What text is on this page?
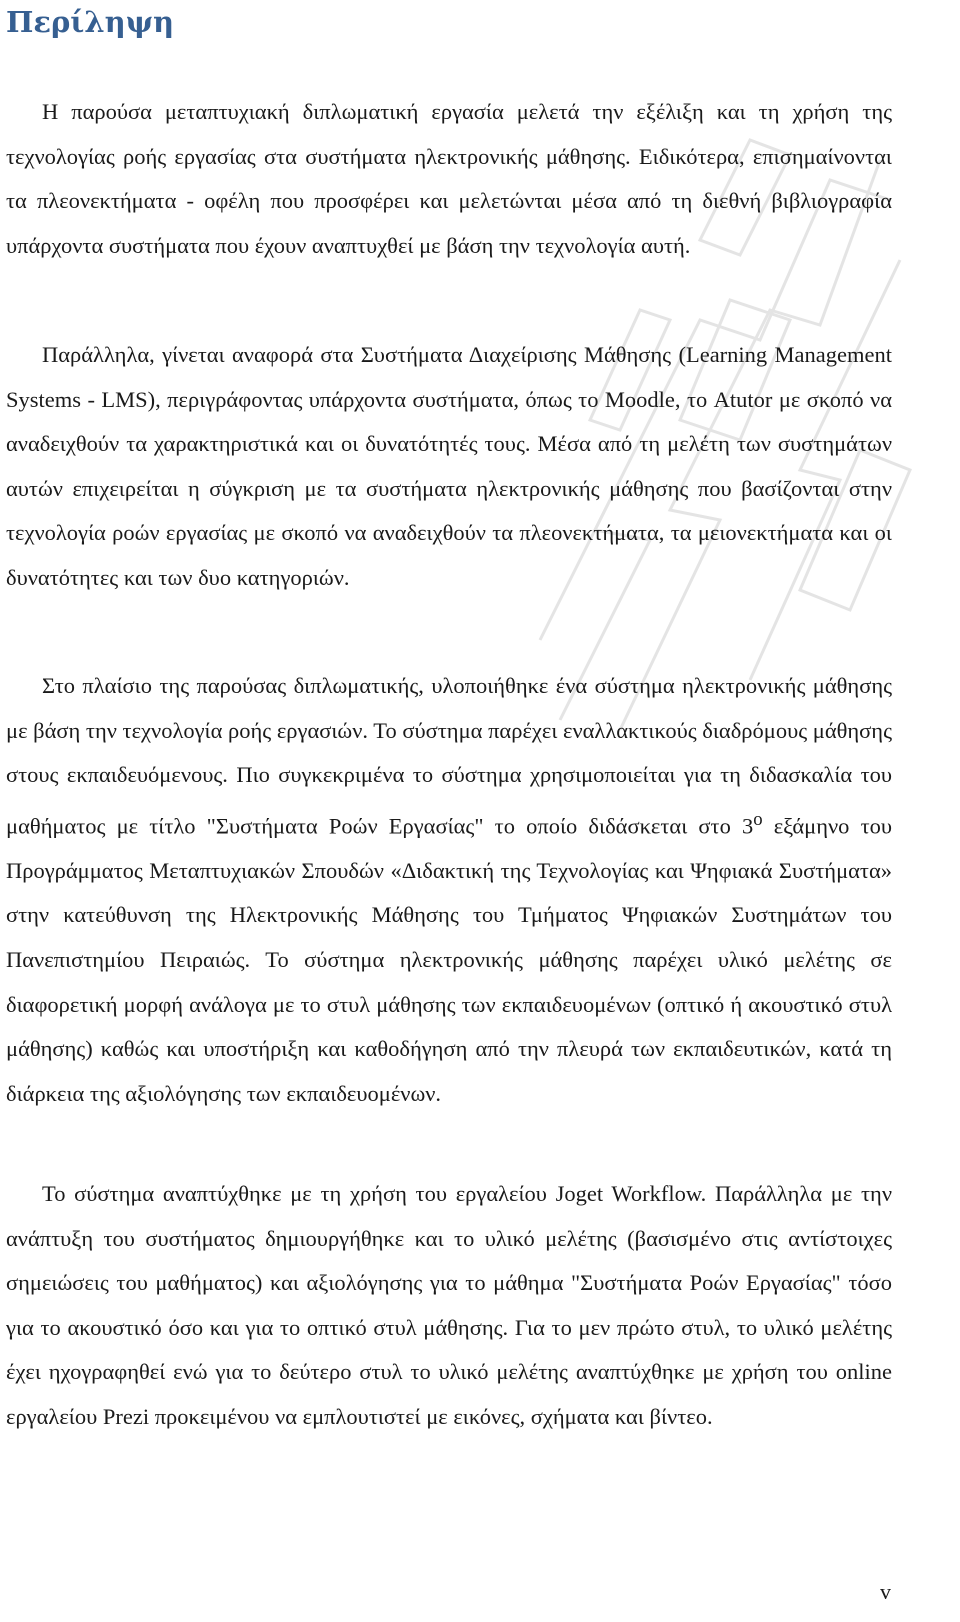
Περίληψη

Η παρούσα μεταπτυχιακή διπλωματική εργασία μελετά την εξέλιξη και τη χρήση της τεχνολογίας ροής εργασίας στα συστήματα ηλεκτρονικής μάθησης. Ειδικότερα, επισημαίνονται τα πλεονεκτήματα - οφέλη που προσφέρει και μελετώνται μέσα από τη διεθνή βιβλιογραφία υπάρχοντα συστήματα που έχουν αναπτυχθεί με βάση την τεχνολογία αυτή.

Παράλληλα, γίνεται αναφορά στα Συστήματα Διαχείρισης Μάθησης (Learning Management Systems - LMS), περιγράφοντας υπάρχοντα συστήματα, όπως το Moodle, το Atutor με σκοπό να αναδειχθούν τα χαρακτηριστικά και οι δυνατότητές τους. Μέσα από τη μελέτη των συστημάτων αυτών επιχειρείται η σύγκριση με τα συστήματα ηλεκτρονικής μάθησης που βασίζονται στην τεχνολογία ροών εργασίας με σκοπό να αναδειχθούν τα πλεονεκτήματα, τα μειονεκτήματα και οι δυνατότητες και των δυο κατηγοριών.

Στο πλαίσιο της παρούσας διπλωματικής, υλοποιήθηκε ένα σύστημα ηλεκτρονικής μάθησης με βάση την τεχνολογία ροής εργασιών. Το σύστημα παρέχει εναλλακτικούς διαδρόμους μάθησης στους εκπαιδευόμενους. Πιο συγκεκριμένα το σύστημα χρησιμοποιείται για τη διδασκαλία του μαθήματος με τίτλο "Συστήματα Ροών Εργασίας" το οποίο διδάσκεται στο $3^o$ εξάμηνο του Προγράμματος Μεταπτυχιακών Σπουδών «Διδακτική της Τεχνολογίας και Ψηφιακά Συστήματα» στην κατεύθυνση της Ηλεκτρονικής Μάθησης του Τμήματος Ψηφιακών Συστημάτων του Πανεπιστημίου Πειραιώς. Το σύστημα ηλεκτρονικής μάθησης παρέχει υλικό μελέτης σε διαφορετική μορφή ανάλογα με το στυλ μάθησης των εκπαιδευομένων (οπτικό ή ακουστικό στυλ μάθησης) καθώς και υποστήριξη και καθοδήγηση από την πλευρά των εκπαιδευτικών, κατά τη διάρκεια της αξιολόγησης των εκπαιδευομένων.

Το σύστημα αναπτύχθηκε με τη χρήση του εργαλείου Joget Workflow. Παράλληλα με την ανάπτυξη του συστήματος δημιουργήθηκε και το υλικό μελέτης (βασισμένο στις αντίστοιχες σημειώσεις του μαθήματος) και αξιολόγησης για το μάθημα "Συστήματα Ροών Εργασίας" τόσο για το ακουστικό όσο και για το οπτικό στυλ μάθησης. Για το μεν πρώτο στυλ, το υλικό μελέτης έχει ηχογραφηθεί ενώ για το δεύτερο στυλ το υλικό μελέτης αναπτύχθηκε με χρήση του online εργαλείου Prezi προκειμένου να εμπλουτιστεί με εικόνες, σχήματα και βίντεο.

v
